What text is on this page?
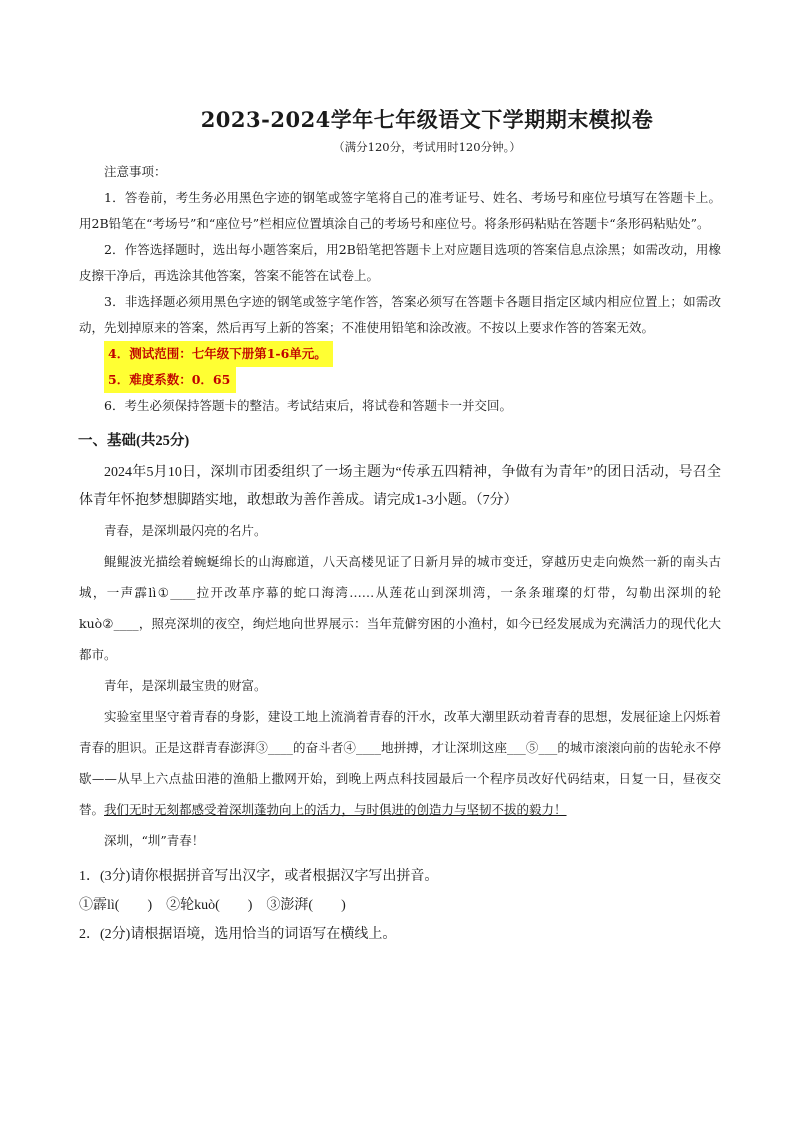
2023-2024学年七年级语文下学期期末模拟卷
（满分120分，考试用时120分钟。）

注意事项：

1．答卷前，考生务必用黑色字迹的钢笔或签字笔将自己的准考证号、姓名、考场号和座位号填写在答题卡上。用2B铅笔在“考场号”和“座位号”栏相应位置填涂自己的考场号和座位号。将条形码粘贴在答题卡“条形码粘贴处”。

2．作答选择题时，选出每小题答案后，用2B铅笔把答题卡上对应题目选项的答案信息点涂黑；如需改动，用橡皮擦干净后，再选涂其他答案，答案不能答在试卷上。

3．非选择题必须用黑色字迹的钢笔或签字笔作答，答案必须写在答题卡各题目指定区域内相应位置上；如需改动，先划掉原来的答案，然后再写上新的答案；不准使用铅笔和涂改液。不按以上要求作答的答案无效。

4．测试范围：七年级下册第1-6单元。

5．难度系数：0．65

6．考生必须保持答题卡的整洁。考试结束后，将试卷和答题卡一并交回。

一、基础(共25分)

2024年5月10日，深圳市团委组织了一场主题为“传承五四精神，争做有为青年”的团日活动，号召全体青年怀抱梦想脚踏实地，敢想敢为善作善成。请完成1-3小题。（7分）

青春，是深圳最闪亮的名片。

鲲鲲波光描绘着蜿蜒绵长的山海廊道，八天高楼见证了日新月异的城市变迁，穿越历史走向焕然一新的南头古城，一声霹lì①____拉开改革序幕的蛇口海湾……从莲花山到深圳湾，一条条璀璨的灯带，勾勒出深圳的轮kuò②____，照亮深圳的夜空，绚烂地向世界展示：当年荒僻穷困的小渔村，如今已经发展成为充满活力的现代化大都市。

青年，是深圳最宝贵的财富。

实验室里坚守着青春的身影，建设工地上流淌着青春的汗水，改革大潮里跃动着青春的思想，发展征途上闪烁着青春的胆识。正是这群青春澎湃③____的奋斗者④____地拼搏，才让深圳这座___⑤___的城市滚滚向前的齿轮永不停歇——从早上六点盐田港的渔船上撒网开始，到晚上两点科技园最后一个程序员改好代码结束，日复一日，昼夜交替。我们无时无刻都感受着深圳蓬勃向上的活力，与时俱进的创造力与坚韧不拔的毅力！

深圳，“圳”青春！

1．(3分)请你根据拼音写出汉字，或者根据汉字写出拼音。

①霹lì(　　)　②轮kuò(　　)　③澎湃(　　)

2．(2分)请根据语境，选用恰当的词语写在横线上。
